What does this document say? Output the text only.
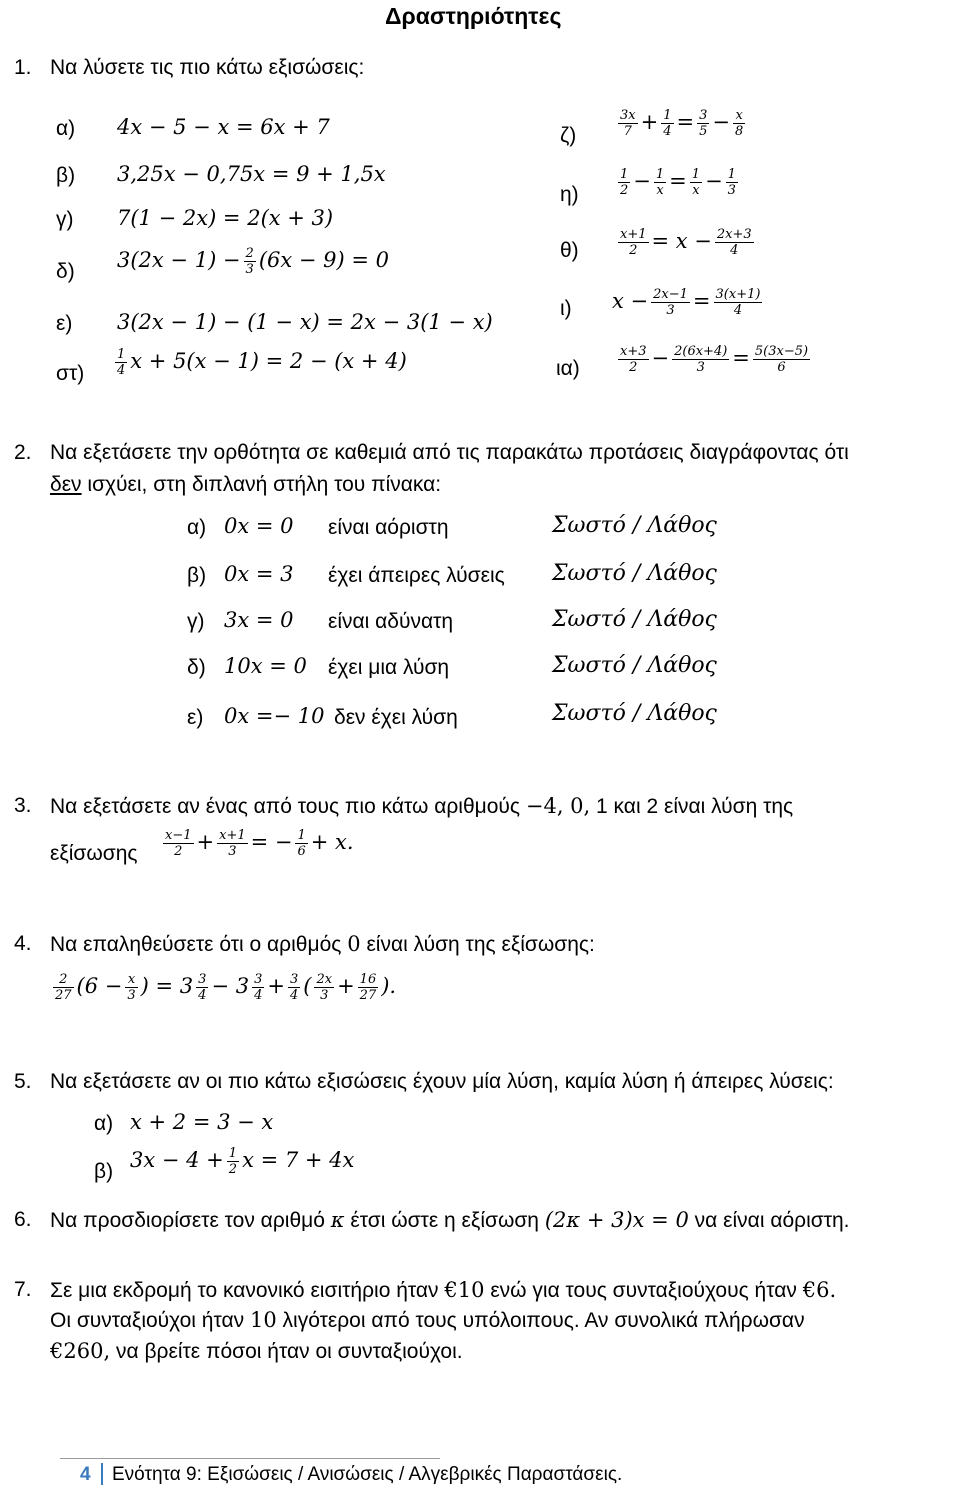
Δραστηριότητες
1. Να λύσετε τις πιο κάτω εξισώσεις:
α) 4x − 5 − x = 6x + 7
β) 3,25x − 0,75x = 9 + 1,5x
γ) 7(1 − 2x) = 2(x + 3)
δ) $3(2x - 1) - \frac{2}{3} (6x - 9) = 0$
ε) 3(2x − 1) − (1 − x) = 2x − 3(1 − x)
$\sigma\tau) \frac{1}{4}$ x + 5(x − 1) = 2 − (x + 4)
ζ)	$\frac{3x}{7} + \frac{1}{4} = \frac{3}{5} - \frac{x}{8}$
η)	$\frac{1}{2} - \frac{1}{x} = \frac{1}{x} - \frac{1}{3}$
θ)	$\frac{x+1}{2} = x - \frac{2x+3}{4}$
ι) $x - \frac{2x-1}{3} = \frac{3(x+1)}{4}$
ια)	$\frac{x+3}{2} - \frac{2(6x+4)}{3} = \frac{5(3x-5)}{6}$
2. Να εξετάσετε την ορθότητα σε καθεμιά από τις παρακάτω προτάσεις διαγράφοντας ότι
δεν ισχύει, στη διπλανή στήλη του πίνακα:
α) 0x = 0 είναι αόριστη	Σωστό / Λάθος
β) 0x = 3 έχει άπειρες λύσεις Σωστό / Λάθος
γ) 3x = 0 είναι αδύνατη	Σωστό / Λάθος
δ) 10x = 0 έχει μια λύση	Σωστό / Λάθος
ε) 0x =− 10 δεν έχει λύση	Σωστό / Λάθος
3. Να εξετάσετε αν ένας από τους πιο κάτω αριθμούς −4, 0, 1 και 2 είναι λύση της
εξίσωσης $\frac{x-1}{2} + \frac{x+1}{3}$ = − $\frac{1}{6} + x$.
4. Να επαληθεύσετε ότι ο αριθμός 0 είναι λύση της εξίσωσης:
$\frac{2}{27} (6 - \frac{x}{3}$ ) = $3 \frac{3}{4} - 3 \frac{3}{4} + \frac{3}{4}$ ( $\frac{2x}{3} + \frac{16}{27}$ ).
5. Να εξετάσετε αν οι πιο κάτω εξισώσεις έχουν μία λύση, καμία λύση ή άπειρες λύσεις:
α) x + 2 = 3 − x
β) $3x - 4 + \frac{1}{2}$ x = 7 + 4x
6. Να προσδιορίσετε τον αριθμό κ έτσι ώστε η εξίσωση (2κ + 3)x = 0 να είναι αόριστη.
7. Σε μια εκδρομή το κανονικό εισιτήριο ήταν €10 ενώ για τους συνταξιούχους ήταν €6.
Οι συνταξιούχοι ήταν 10 λιγότεροι από τους υπόλοιπους. Αν συνολικά πλήρωσαν
€260, να βρείτε πόσοι ήταν οι συνταξιούχοι.
4 Ενότητα 9: Εξισώσεις / Ανισώσεις / Αλγεβρικές Παραστάσεις.
